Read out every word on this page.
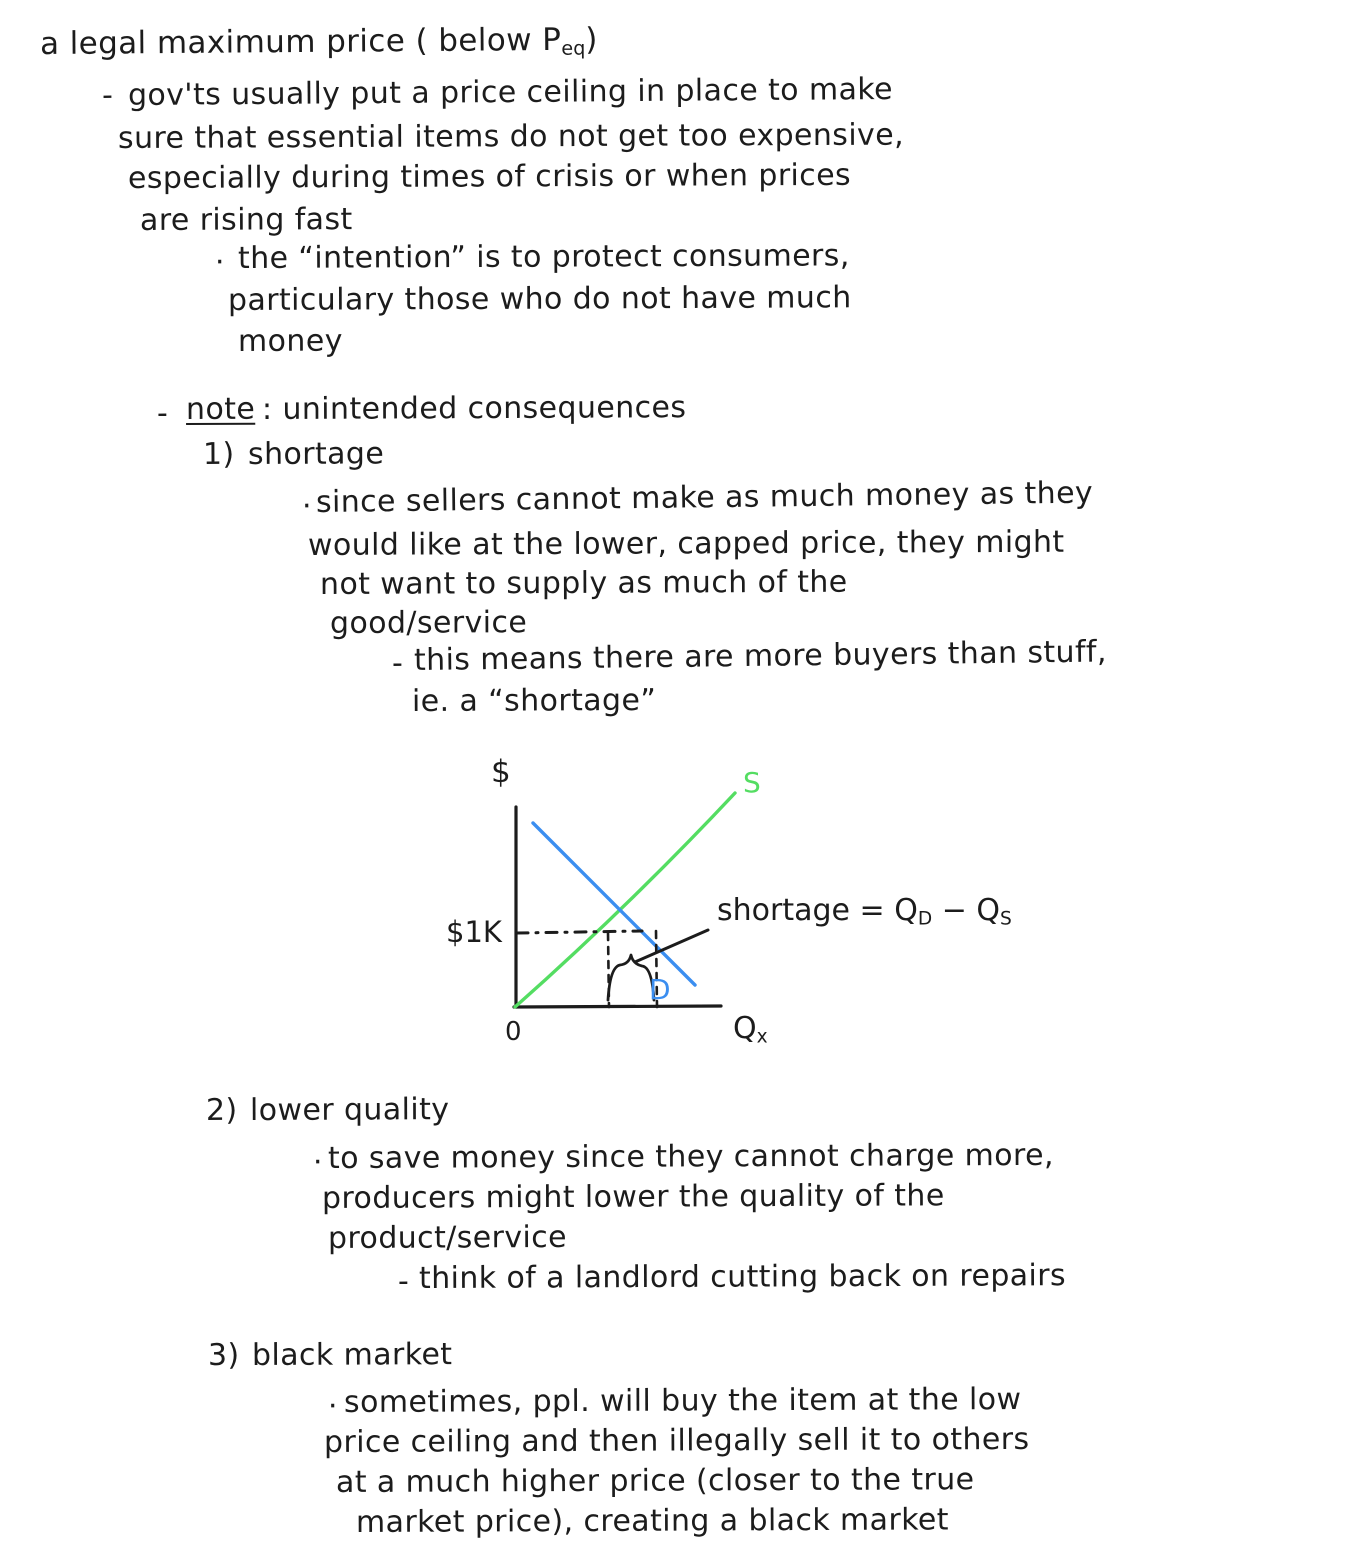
a legal maximum price ( below $P_{eq}$)
- gov'ts usually put a price ceiling in place to make
sure that essential items do not get too expensive,
especially during times of crisis or when prices
are rising fast
· the “intention” is to protect consumers,
particulary those who do not have much
money
- note : unintended consequences
1) shortage
· since sellers cannot make as much money as they
would like at the lower, capped price, they might
not want to supply as much of the
good/service
- this means there are more buyers than stuff,
ie. a “shortage”
$	S
D
$1K
0	$Q_x$
shortage = $Q_D - Q_S$
2) lower quality
· to save money since they cannot charge more,
producers might lower the quality of the
product/service
- think of a landlord cutting back on repairs
3) black market
· sometimes, ppl. will buy the item at the low
price ceiling and then illegally sell it to others
at a much higher price (closer to the true
market price), creating a black market
